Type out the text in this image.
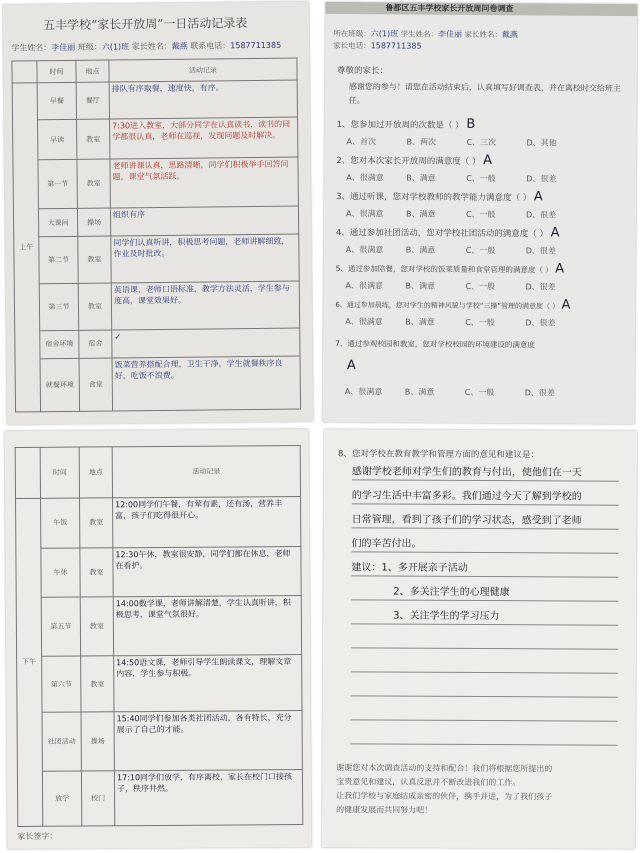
五丰学校“家长开放周”一日活动记录表
学生姓名：李佳丽 班级：六(1)班 家长姓名：戴燕 联系电话：1587711385
	时间	地点	活动记录
上午	早餐	餐厅	排队有序取餐，速度快，有序。
	早读	教室	7:30进入教室，大部分同学在认真读书，读书的同学都很认真，老师在巡视，发现问题及时解决。
	第一节	教室	老师讲课认真，思路清晰，同学们积极举手回答问题，课堂气氛活跃。
	大课间	操场	组织有序
	第二节	教室	同学们认真听讲，积极思考问题，老师讲解细致，作业及时批改。
	第三节	教室	英语课，老师口语标准，教学方法灵活，学生参与度高，课堂效果好。
	宿舍环境	宿舍	✓
	就餐环境	食堂	饭菜营养搭配合理，卫生干净，学生就餐秩序良好，吃饭不浪费。
鲁都区五丰学校家长开放周问卷调查
所在班级：六(1)班 学生姓名：李佳丽 家长姓名：戴燕
家长电话：1587711385
尊敬的家长：
感谢您的参与！请您在活动结束后，认真填写好调查表，并在离校时交给班主任。
1、您参加过开放周的次数是（ ） B
A、首次	B、两次	C、三次	D、其他
2、您对本次家长开放周的满意度（ ） A
A、很满意	B、满意	C、一般	D、很差
3、通过听课，您对学校教师的教学能力满意度（ ） A
A、很满意	B、满意	C、一般	D、很差
4、通过参加社团活动，您对学校社团活动的满意度（ ） A
A、很满意	B、满意	C、一般	D、很差
5、通过参加陪餐，您对学校的饭菜质量和食堂管理的满意度（ ） A
A、很满意	B、满意	C、一般	D、很差
6、通过参加晨练，您对学生的精神风貌与学校“三操”管理的满意度（ ） A
A、很满意	B、满意	C、一般	D、很差
7、通过参观校园和教室，您对学校校园的环境建设的满意度
A
A、很满意	B、满意	C、一般	D、很差
	时间	地点	活动记录
下午	午饭	教室	12:00同学们午餐，有荤有素，还有汤，营养丰富，孩子们吃得很开心。
	午休	教室	12:30午休，教室很安静，同学们都在休息，老师在看护。
	第五节	教室	14:00数学课，老师讲解清楚，学生认真听讲，积极思考，课堂气氛很好。
	第六节	教室	14:50语文课，老师引导学生朗读课文，理解文章内容，学生参与积极。
	社团活动	操场	15:40同学们参加各类社团活动，各有特长，充分展示了自己的才能。
	放学	校门	17:10同学们放学，有序离校，家长在校门口接孩子，秩序井然。
家长签字：
8、您对学校在教育教学和管理方面的意见和建议是：
感谢学校老师对学生们的教育与付出，使他们在一天
的学习生活中丰富多彩。我们通过今天了解到学校的
日常管理，看到了孩子们的学习状态，感受到了老师
们的辛苦付出。
建议：1、多开展亲子活动
2、多关注学生的心理健康
3、关注学生的学习压力
谢谢您对本次调查活动的支持和配合！我们将根据您所提出的
宝贵意见和建议，认真反思并不断改进我们的工作。
让我们学校与家庭结成亲密的伙伴，携手并进，为了我们孩子
的健康发展而共同努力吧！
